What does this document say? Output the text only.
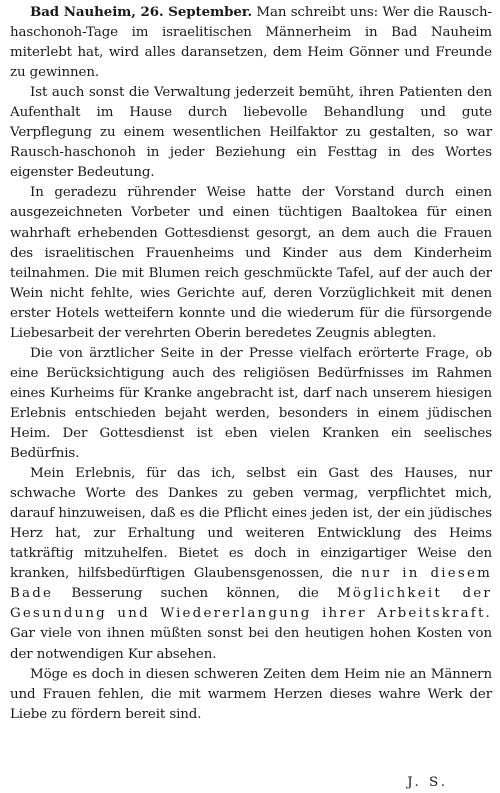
Bad Nauheim, 26. September. Man schreibt uns: Wer die Rausch-haschonoh-Tage im israelitischen Männerheim in Bad Nauheim miterlebt hat, wird alles daransetzen, dem Heim Gönner und Freunde zu gewinnen.

Ist auch sonst die Verwaltung jederzeit bemüht, ihren Patienten den Aufenthalt im Hause durch liebevolle Behandlung und gute Verpflegung zu einem wesentlichen Heilfaktor zu gestalten, so war Rausch-haschonoh in jeder Beziehung ein Festtag in des Wortes eigenster Bedeutung.

In geradezu rührender Weise hatte der Vorstand durch einen ausgezeichneten Vorbeter und einen tüchtigen Baaltokea für einen wahrhaft erhebenden Gottesdienst gesorgt, an dem auch die Frauen des israelitischen Frauenheims und Kinder aus dem Kinderheim teilnahmen. Die mit Blumen reich geschmückte Tafel, auf der auch der Wein nicht fehlte, wies Gerichte auf, deren Vorzüglichkeit mit denen erster Hotels wetteifern konnte und die wiederum für die fürsorgende Liebesarbeit der verehrten Oberin beredetes Zeugnis ablegten.

Die von ärztlicher Seite in der Presse vielfach erörterte Frage, ob eine Berücksichtigung auch des religiösen Bedürfnisses im Rahmen eines Kurheims für Kranke angebracht ist, darf nach unserem hiesigen Erlebnis entschieden bejaht werden, besonders in einem jüdischen Heim. Der Gottesdienst ist eben vielen Kranken ein seelisches Bedürfnis.

Mein Erlebnis, für das ich, selbst ein Gast des Hauses, nur schwache Worte des Dankes zu geben vermag, verpflichtet mich, darauf hinzuweisen, daß es die Pflicht eines jeden ist, der ein jüdisches Herz hat, zur Erhaltung und weiteren Entwicklung des Heims tatkräftig mitzuhelfen. Bietet es doch in einzigartiger Weise den kranken, hilfsbedürftigen Glaubensgenossen, die nur in diesem Bade Besserung suchen können, die Möglichkeit der Gesundung und Wiedererlangung ihrer Arbeitskraft. Gar viele von ihnen müßten sonst bei den heutigen hohen Kosten von der notwendigen Kur absehen.

Möge es doch in diesen schweren Zeiten dem Heim nie an Männern und Frauen fehlen, die mit warmem Herzen dieses wahre Werk der Liebe zu fördern bereit sind.

J. S.
